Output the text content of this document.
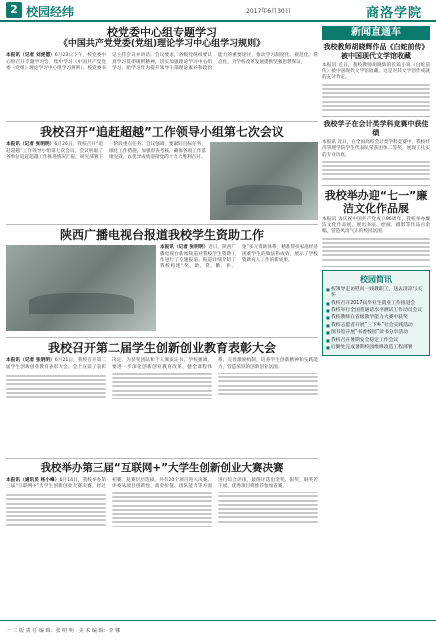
2 校园经纬	2017年6月30日	商洛学院
校党委中心组专题学习
《中国共产党党委(党组)理论学习中心组学习规则》
本报讯（记者 刘虎德）6月23日下午，校党委中心组召开专题学习会，集中学习《中国共产党党委（党组）理论学习中心组学习规则》。校党委书记主持会议并讲话。会议要求，各级党组织要认真学习贯彻规则精神，切实加强理论学习中心组学习，把学习作为提升领导干部理论素养和政治能力的重要途径，推动学习制度化、规范化、常态化，为学校改革发展提供坚强思想保证。
我校召开“追赶超越”工作领导小组第七次会议
本报讯（记者 张明明）6月26日，我校召开“追赶超越”工作领导小组第七次会议。会议听取了各单位追赶超越工作推进情况汇报，研究部署下一阶段重点任务。会议强调，要紧盯目标任务，细化工作措施，加强督查考核，确保各项工作落地见效，以优异成绩迎接党的十九大胜利召开。
陕西广播电视台报道我校学生资助工作
本报讯（记者 张明明）近日，陕西广播电视台新闻频道对我校学生资助工作进行了专题报道。报道详细介绍了我校构建“奖、助、贷、勤、补、免”多元资助体系，精准帮扶家庭经济困难学生的做法和成效，展示了学校资助育人工作的新成果。
我校召开第二届学生创新创业教育表彰大会
本报讯（记者 张明明）6月21日，我校召开第二届学生创新创业教育表彰大会。会上宣读了表彰决定，为获奖团队和个人颁发证书。学校强调，要进一步深化创新创业教育改革，健全课程体系，完善激励机制，培养学生创新精神和实践能力，营造浓厚的创新创业氛围。
我校举办第三届“互联网+”大学生创新创业大赛决赛
本报讯（通讯员 杨小峰）6月14日，我校举办第三届“互联网+”大学生创新创业大赛决赛。经过初赛、复赛层层选拔，共有20个项目进入决赛。评委从项目创新性、商业价值、团队能力等方面进行综合评审，最终评选出金奖、银奖、铜奖若干项，优秀项目将推荐参加省赛。
新闻直通车
我校教师胡晓辉作品《白蛇前传》被中国现代文学馆收藏
本报讯 近日，我校教师胡晓辉的长篇小说《白蛇前传》被中国现代文学馆收藏，这是对其文学创作成就的充分肯定。
我校学子在会计类学科竞赛中获佳绩
本报讯 近日，在全国高校会计类学科竞赛中，我校经济管理学院学生代表队荣获团体二等奖，展现了扎实的专业功底。
我校举办迎“七一”廉洁文化作品展
本报讯 为庆祝中国共产党成立96周年，我校举办廉洁文化作品展，展出书法、绘画、摄影等作品百余幅，营造风清气正的校园氛围。
校园简讯
■ 校领导走访慰问一线教职工，送去清凉与关怀
■ 我校召开2017届毕业生就业工作推进会
■ 我校举行全国普通话水平测试工作动员会议
■ 我校教师在省级教学能力大赛中获奖
■ 我校志愿者开展“三下乡”社会实践活动
■ 图书馆开展“书香校园”读书分享活动
■ 我校召开暑期安全稳定工作会议
■ 后勤处完成暑期校园维修改造工程部署
一 二 版 责 任 编 辑：张 明 明　美 术 编 辑：李 娜
